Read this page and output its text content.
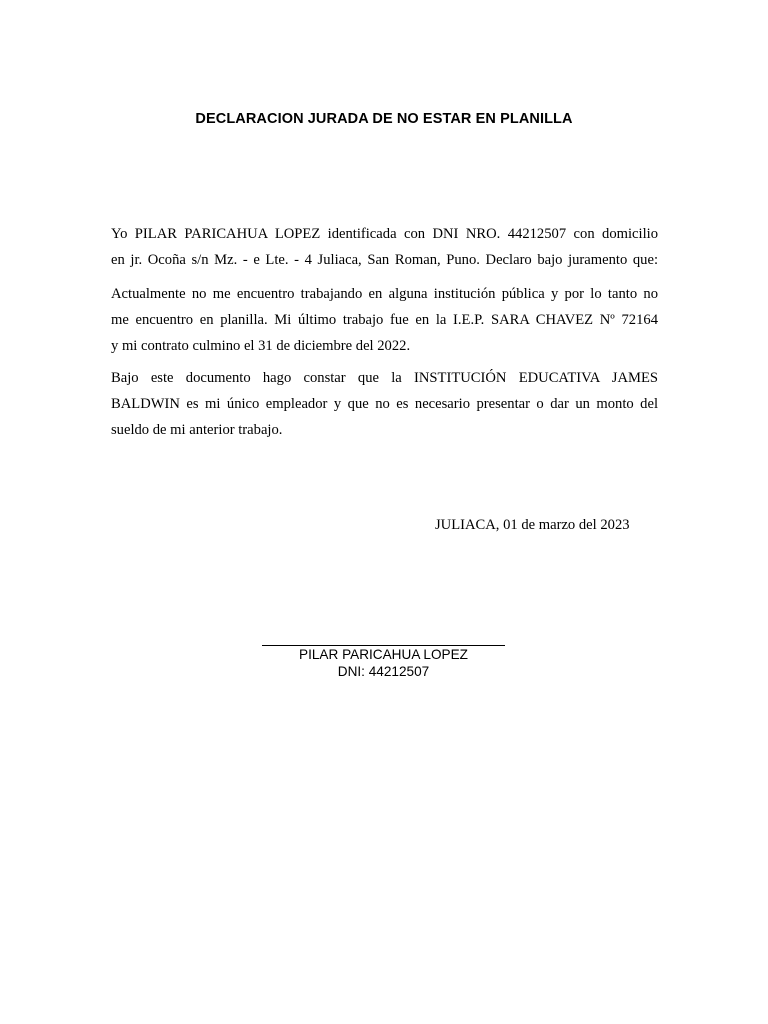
DECLARACION JURADA DE NO ESTAR EN PLANILLA
Yo PILAR PARICAHUA LOPEZ identificada con DNI NRO. 44212507 con domicilio
en jr. Ocoña s/n Mz. - e Lte. - 4 Juliaca, San Roman, Puno. Declaro bajo juramento que:
Actualmente no me encuentro trabajando en alguna institución pública y por lo tanto no
me encuentro en planilla. Mi último trabajo fue en la I.E.P. SARA CHAVEZ Nº 72164
y mi contrato culmino el 31 de diciembre del 2022.
Bajo este documento hago constar que la INSTITUCIÓN EDUCATIVA JAMES
BALDWIN es mi único empleador y que no es necesario presentar o dar un monto del
sueldo de mi anterior trabajo.
JULIACA, 01 de marzo del 2023
PILAR PARICAHUA LOPEZ
DNI: 44212507
